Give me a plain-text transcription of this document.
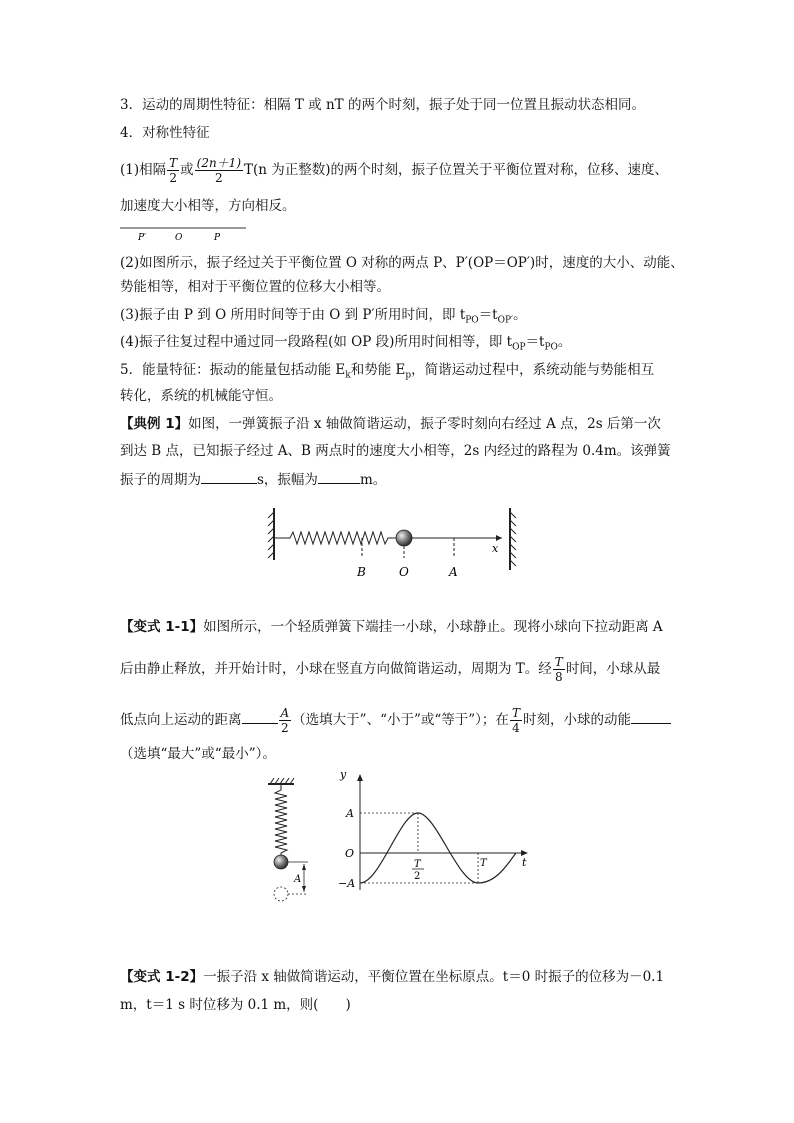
3．运动的周期性特征：相隔 T 或 nT 的两个时刻，振子处于同一位置且振动状态相同。
4．对称性特征
(1)相隔 $\frac{T}{2}$ 或 $\frac{(2n+1)}{2} T(n$ 为正整数)的两个时刻，振子位置关于平衡位置对称，位移、速度、
加速度大小相等，方向相反。
P′	O	P
(2)如图所示，振子经过关于平衡位置 O 对称的两点 P、P′(OP＝OP′)时，速度的大小、动能、
势能相等，相对于平衡位置的位移大小相等。
(3)振子由 P 到 O 所用时间等于由 O 到 P′所用时间，即 $t_{PO}=t_{OP'}$。
(4)振子往复过程中通过同一段路程(如 OP 段)所用时间相等，即 $t_{OP}=t_{PO}$。
5．能量特征：振动的能量包括动能 $E_k$和势能 $E_p$，简谐运动过程中，系统动能与势能相互
转化，系统的机械能守恒。
【典例 1】如图，一弹簧振子沿 x 轴做简谐运动，振子零时刻向右经过 A 点，2s 后第一次
到达 B 点，已知振子经过 A、B 两点时的速度大小相等，2s 内经过的路程为 0.4m。该弹簧
振子的周期为	s，振幅为	m。
B	O	A
x
【变式 1-1】如图所示，一个轻质弹簧下端挂一小球，小球静止。现将小球向下拉动距离 A
后由静止释放，并开始计时，小球在竖直方向做简谐运动，周期为 T。经 $\frac{T}{8}$ 时间，小球从最
低点向上运动的距离	$\frac{A}{2}$ （选填大于”、“小于”或“等于”）；在 $\frac{T}{4}$ 时刻，小球的动能
（选填“最大”或“最小”）。
A
y
A
O
−A
t
T
2
T
【变式 1-2】一振子沿 x 轴做简谐运动，平衡位置在坐标原点。t＝0 时振子的位移为－0.1
m，t＝1 s 时位移为 0.1 m，则(　　)
